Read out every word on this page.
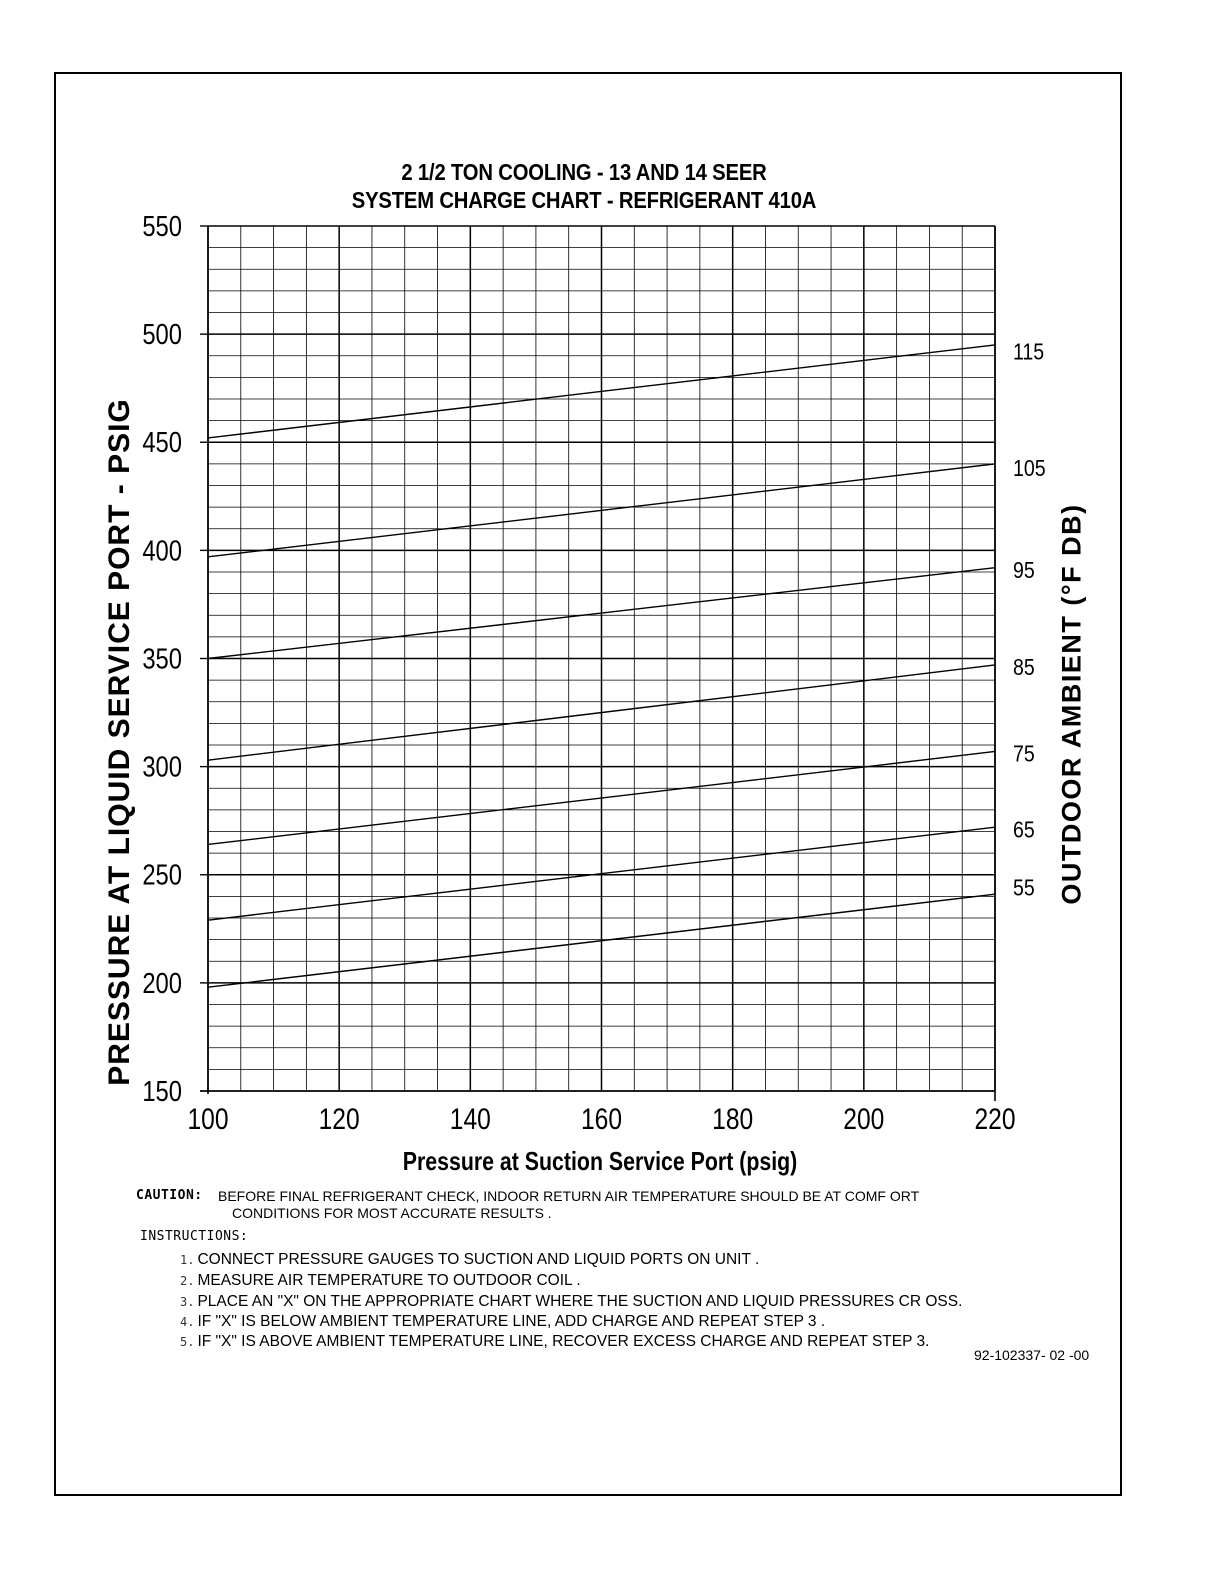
2 1/2 TON COOLING - 13 AND 14 SEER
SYSTEM CHARGE CHART - REFRIGERANT 410A
100	120	140	160	180	200	220
150
200
250
300
350
400
450
500
550
115
105
95
85
75
65
55
PRESSURE AT LIQUID SERVICE PORT - PSIG	OUTDOOR AMBIENT (°F DB)
Pressure at Suction Service Port (psig)
CAUTION: BEFORE FINAL REFRIGERANT CHECK, INDOOR RETURN AIR TEMPERATURE SHOULD BE AT COMF ORT
CONDITIONS FOR MOST ACCURATE RESULTS .
INSTRUCTIONS:
1. CONNECT PRESSURE GAUGES TO SUCTION AND LIQUID PORTS ON UNIT .
2. MEASURE AIR TEMPERATURE TO OUTDOOR COIL .
3. PLACE AN "X" ON THE APPROPRIATE CHART WHERE THE SUCTION AND LIQUID PRESSURES CR OSS.
4. IF "X" IS BELOW AMBIENT TEMPERATURE LINE, ADD CHARGE AND REPEAT STEP 3 .
5. IF "X" IS ABOVE AMBIENT TEMPERATURE LINE, RECOVER EXCESS CHARGE AND REPEAT STEP 3.
92-102337- 02 -00
